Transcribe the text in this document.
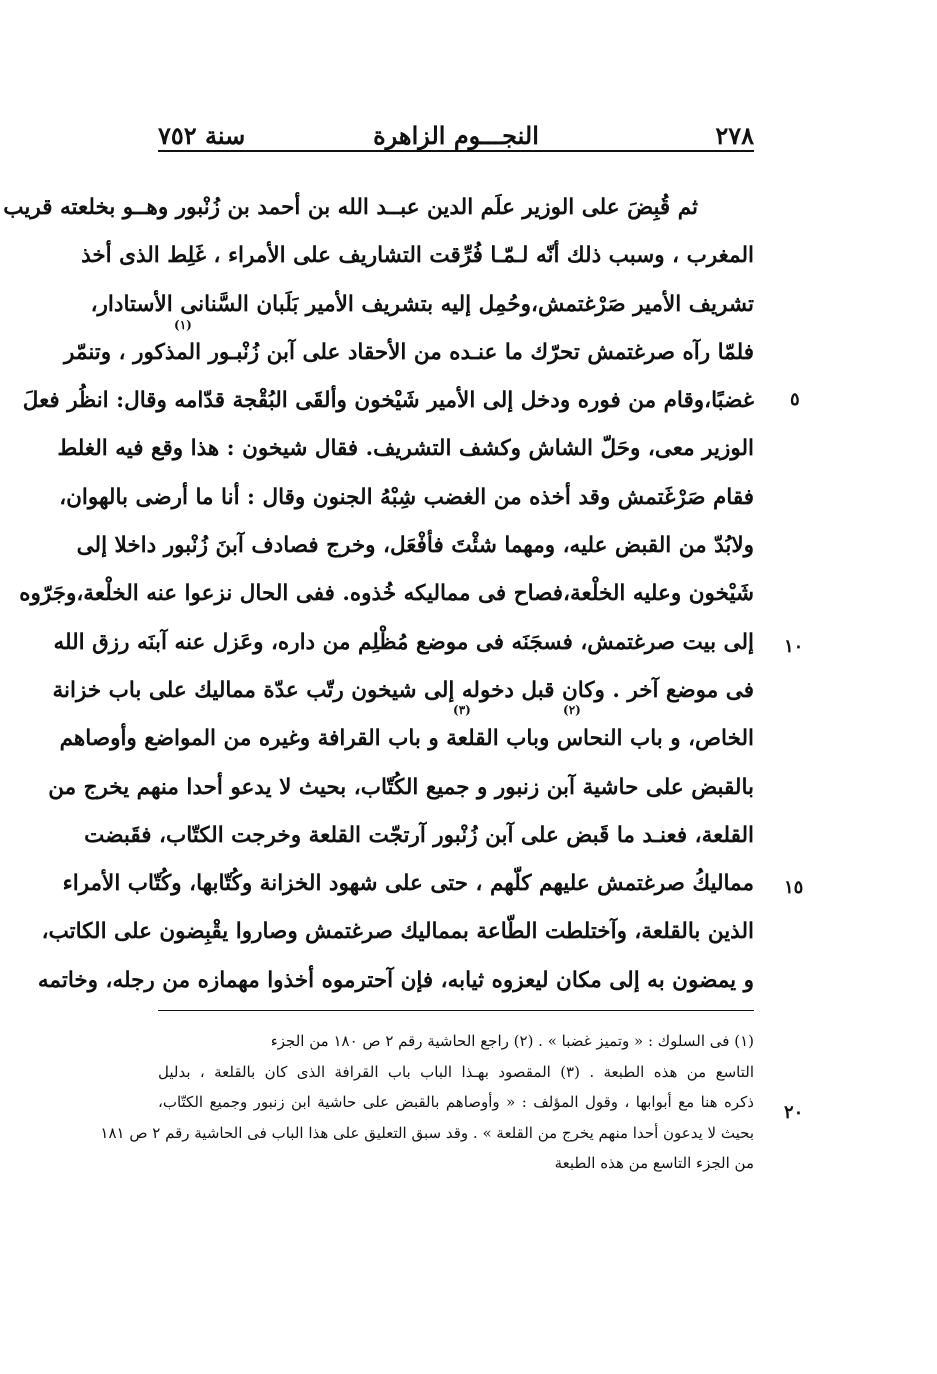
سنة ٧٥٢	النجـــوم الزاهرة	٢٧٨
ثم قُبِضَ على الوزير علَم الدين عبــد الله بن أحمد بن زُنْبور وهــو بخلعته قريب
المغرب ، وسبب ذلك أنّه لـمّـا فُرِّقت التشاريف على الأمراء ، غَلِط الذى أخذ
تشريف الأمير صَرْغتمش،وحُمِل إليه بتشريف الأمير بَلَبان السَّنانى الأستادار،
فلمّا رآه صرغتمش تحرّك ما عنـده من الأحقاد على آبن زُنْبـور المذكور ، وتنمّر
غضبًا،وقام من فوره ودخل إلى الأمير شَيْخون وألقَى البُقْجة قدّامه وقال: انظُر فعلَ
الوزير معى، وحَلّ الشاش وكشف التشريف. فقال شيخون : هذا وقع فيه الغلط
فقام صَرْغَتمش وقد أخذه من الغضب شِبْهُ الجنون وقال : أنا ما أرضى بالهوان،
ولابُدّ من القبض عليه، ومهما شئْتَ فأفْعَل، وخرج فصادف آبنَ زُنْبور داخلا إلى
شَيْخون وعليه الخلْعة،فصاح فى مماليكه خُذوه. ففى الحال نزعوا عنه الخلْعة،وجَرّوه
إلى بيت صرغتمش، فسجَنَه فى موضع مُظْلِم من داره، وعَزل عنه آبنَه رزق الله
فى موضع آخر . وكان قبل دخوله إلى شيخون رتّب عدّة مماليك على باب خزانة
الخاص، و باب النحاس وباب القلعة و باب القرافة وغيره من المواضع وأوصاهم
بالقبض على حاشية آبن زنبور و جميع الكُتّاب، بحيث لا يدعو أحدا منهم يخرج من
القلعة، فعنـد ما قَبض على آبن زُنْبور آرتجّت القلعة وخرجت الكتّاب، فقَبضت
مماليكُ صرغتمش عليهم كلّهم ، حتى على شهود الخزانة وكُتّابها، وكُتّاب الأمراء
الذين بالقلعة، وآختلطت الطّاعة بمماليك صرغتمش وصاروا يقْبِضون على الكاتب،
و يمضون به إلى مكان ليعزوه ثيابه، فإن آحترموه أخذوا مهمازه من رجله، وخاتمه
٥
١٠
١٥
(١)
(٢)
(٣)
(١) فى السلوك : « وتميز غضبا » . (٢) راجع الحاشية رقم ٢ ص ١٨٠ من الجزء
التاسع من هذه الطبعة . (٣) المقصود بهـذا الباب باب القرافة الذى كان بالقلعة ، بدليل
ذكره هنا مع أبوابها ، وقول المؤلف : « وأوصاهم بالقبض على حاشية ابن زنبور وجميع الكتّاب،
بحيث لا يدعون أحدا منهم يخرج من القلعة » . وقد سبق التعليق على هذا الباب فى الحاشية رقم ٢ ص ١٨١
من الجزء التاسع من هذه الطبعة
٢٠
